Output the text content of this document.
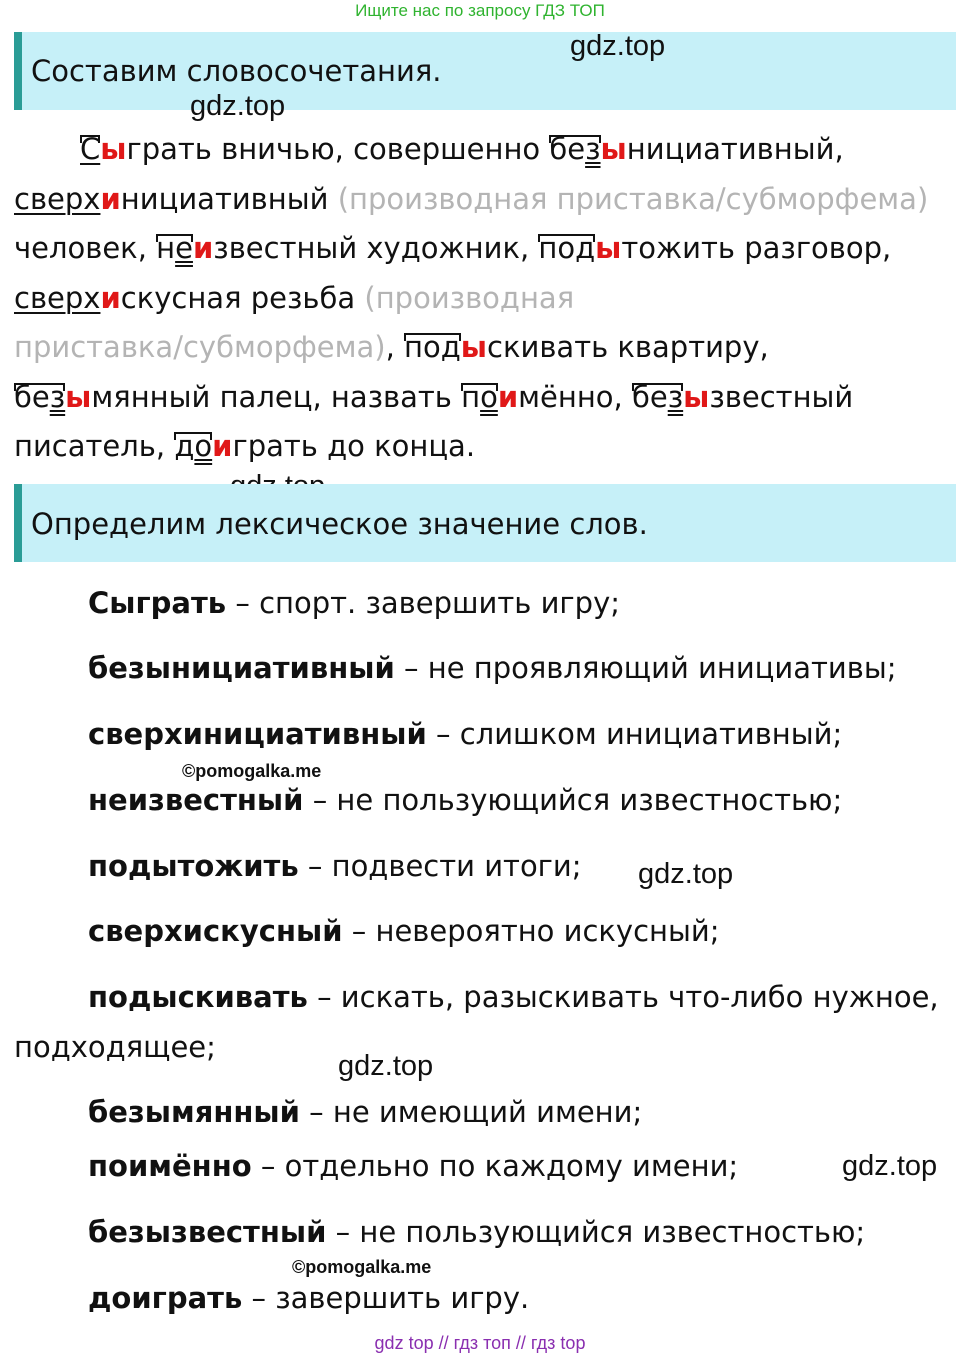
Ищите нас по запросу ГДЗ ТОП
Составим словосочетания.
gdz.top
gdz.top
Сыграть вничью, совершенно
безынициативный,
сверхинициативный (производная приставка/субморфема)
человек,
неизвестный художник,
подытожить разговор,
сверхискусная резьба (производная
приставка/субморфема),
подыскивать квартиру,
безымянный палец, назвать
поимённо,
безызвестный
писатель,
доиграть до конца.
Определим лексическое значение слов.
Сыграть – спорт. завершить игру;
безынициативный – не проявляющий инициативы;
сверхинициативный – слишком инициативный;
©pomogalka.me
неизвестный – не пользующийся известностью;
подытожить – подвести итоги; gdz.top
сверхискусный – невероятно искусный;
подыскивать – искать, разыскивать что-либо нужное,
подходящее;
gdz.top
безымянный – не имеющий имени;
поимённо – отдельно по каждому имени;	gdz.top
безызвестный – не пользующийся известностью;
©pomogalka.me
доиграть – завершить игру.
gdz top // гдз топ // гдз top
